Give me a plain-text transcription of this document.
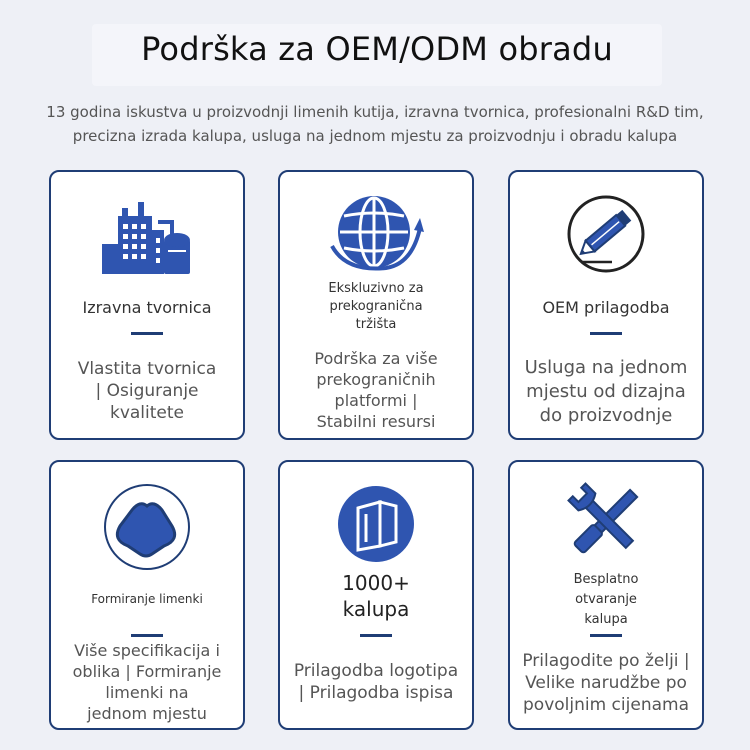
Podrška za OEM/ODM obradu
13 godina iskustva u proizvodnji limenih kutija, izravna tvornica, profesionalni R&D tim,
precizna izrada kalupa, usluga na jednom mjestu za proizvodnju i obradu kalupa
Izravna tvornica
Vlastita tvornica
| Osiguranje
kvalitete
Ekskluzivno za
prekogranična
tržišta
Podrška za više
prekograničnih
platformi |
Stabilni resursi
OEM prilagodba
Usluga na jednom
mjestu od dizajna
do proizvodnje
Formiranje limenki
Više specifikacija i
oblika | Formiranje
limenki na
jednom mjestu
1000+
kalupa
Prilagodba logotipa
| Prilagodba ispisa
Besplatno
otvaranje
kalupa
Prilagodite po želji |
Velike narudžbe po
povoljnim cijenama
